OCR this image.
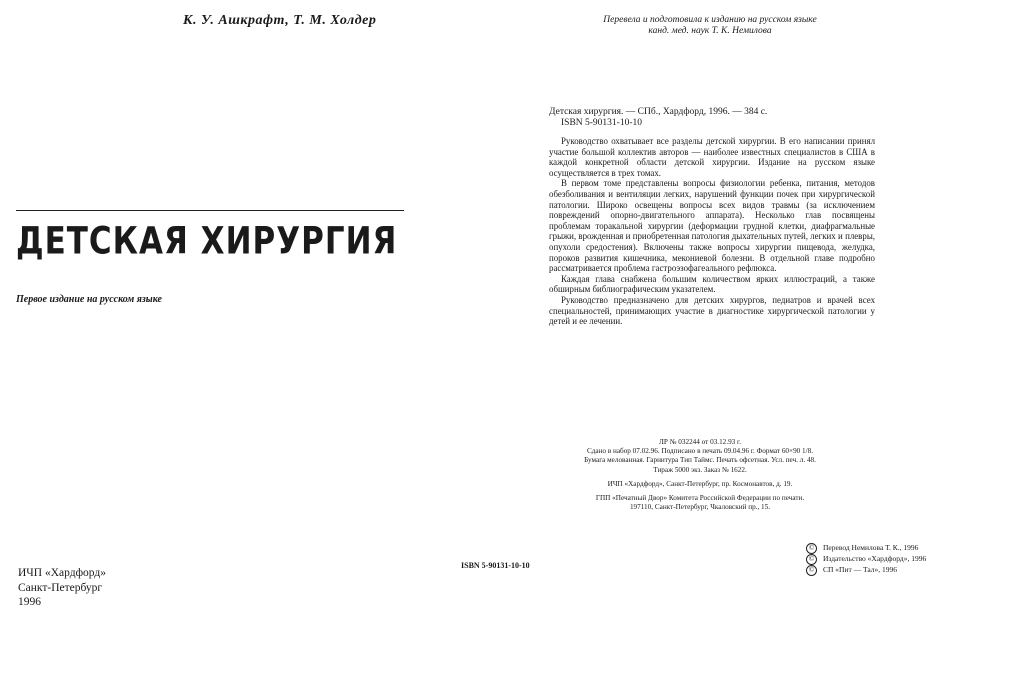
К. У. Ашкрафт, Т. М. Холдер
ДЕТСКАЯ ХИРУРГИЯ
Первое издание на русском языке
ИЧП «Хардфорд»
Санкт-Петербург
1996
ISBN 5-90131-10-10
Перевела и подготовила к изданию на русском языке
канд. мед. наук Т. К. Немилова
Детская хирургия. — СПб., Хардфорд, 1996. — 384 с.
ISBN 5-90131-10-10

Руководство охватывает все разделы детской хирургии. В его написании принял участие большой коллектив авторов — наиболее известных специалистов в США в каждой конкретной области детской хирургии. Издание на русском языке осуществляется в трех томах.

В первом томе представлены вопросы физиологии ребенка, питания, методов обезболивания и вентиляции легких, нарушений функции почек при хирургической патологии. Широко освещены вопросы всех видов травмы (за исключением повреждений опорно-двигательного аппарата). Несколько глав посвящены проблемам торакальной хирургии (деформации грудной клетки, диафрагмальные грыжи, врожденная и приобретенная патология дыхательных путей, легких и плевры, опухоли средостения). Включены также вопросы хирургии пищевода, желудка, пороков развития кишечника, мекониевой болезни. В отдельной главе подробно рассматривается проблема гастроэзофагеального рефлюкса.

Каждая глава снабжена большим количеством ярких иллюстраций, а также обширным библиографическим указателем.

Руководство предназначено для детских хирургов, педиатров и врачей всех специальностей, принимающих участие в диагностике хирургической патологии у детей и ее лечении.

ЛР № 032244 от 03.12.93 г.
Сдано в набор 07.02.96. Подписано в печать 09.04.96 г. Формат 60×90 1/8.
Бумага мелованная. Гарнитура Тип Таймс. Печать офсетная. Усл. печ. л. 48.
Тираж 5000 экз. Заказ № 1622.
ИЧП «Хардфорд», Санкт-Петербург, пр. Космонавтов, д. 19.
ГПП «Печатный Двор» Комитета Российской Федерации по печати.
197110, Санкт-Петербург, Чкаловский пр., 15.
© Перевод Немилова Т. К., 1996
© Издательство «Хардфорд», 1996
© СП «Пит — Тал», 1996
